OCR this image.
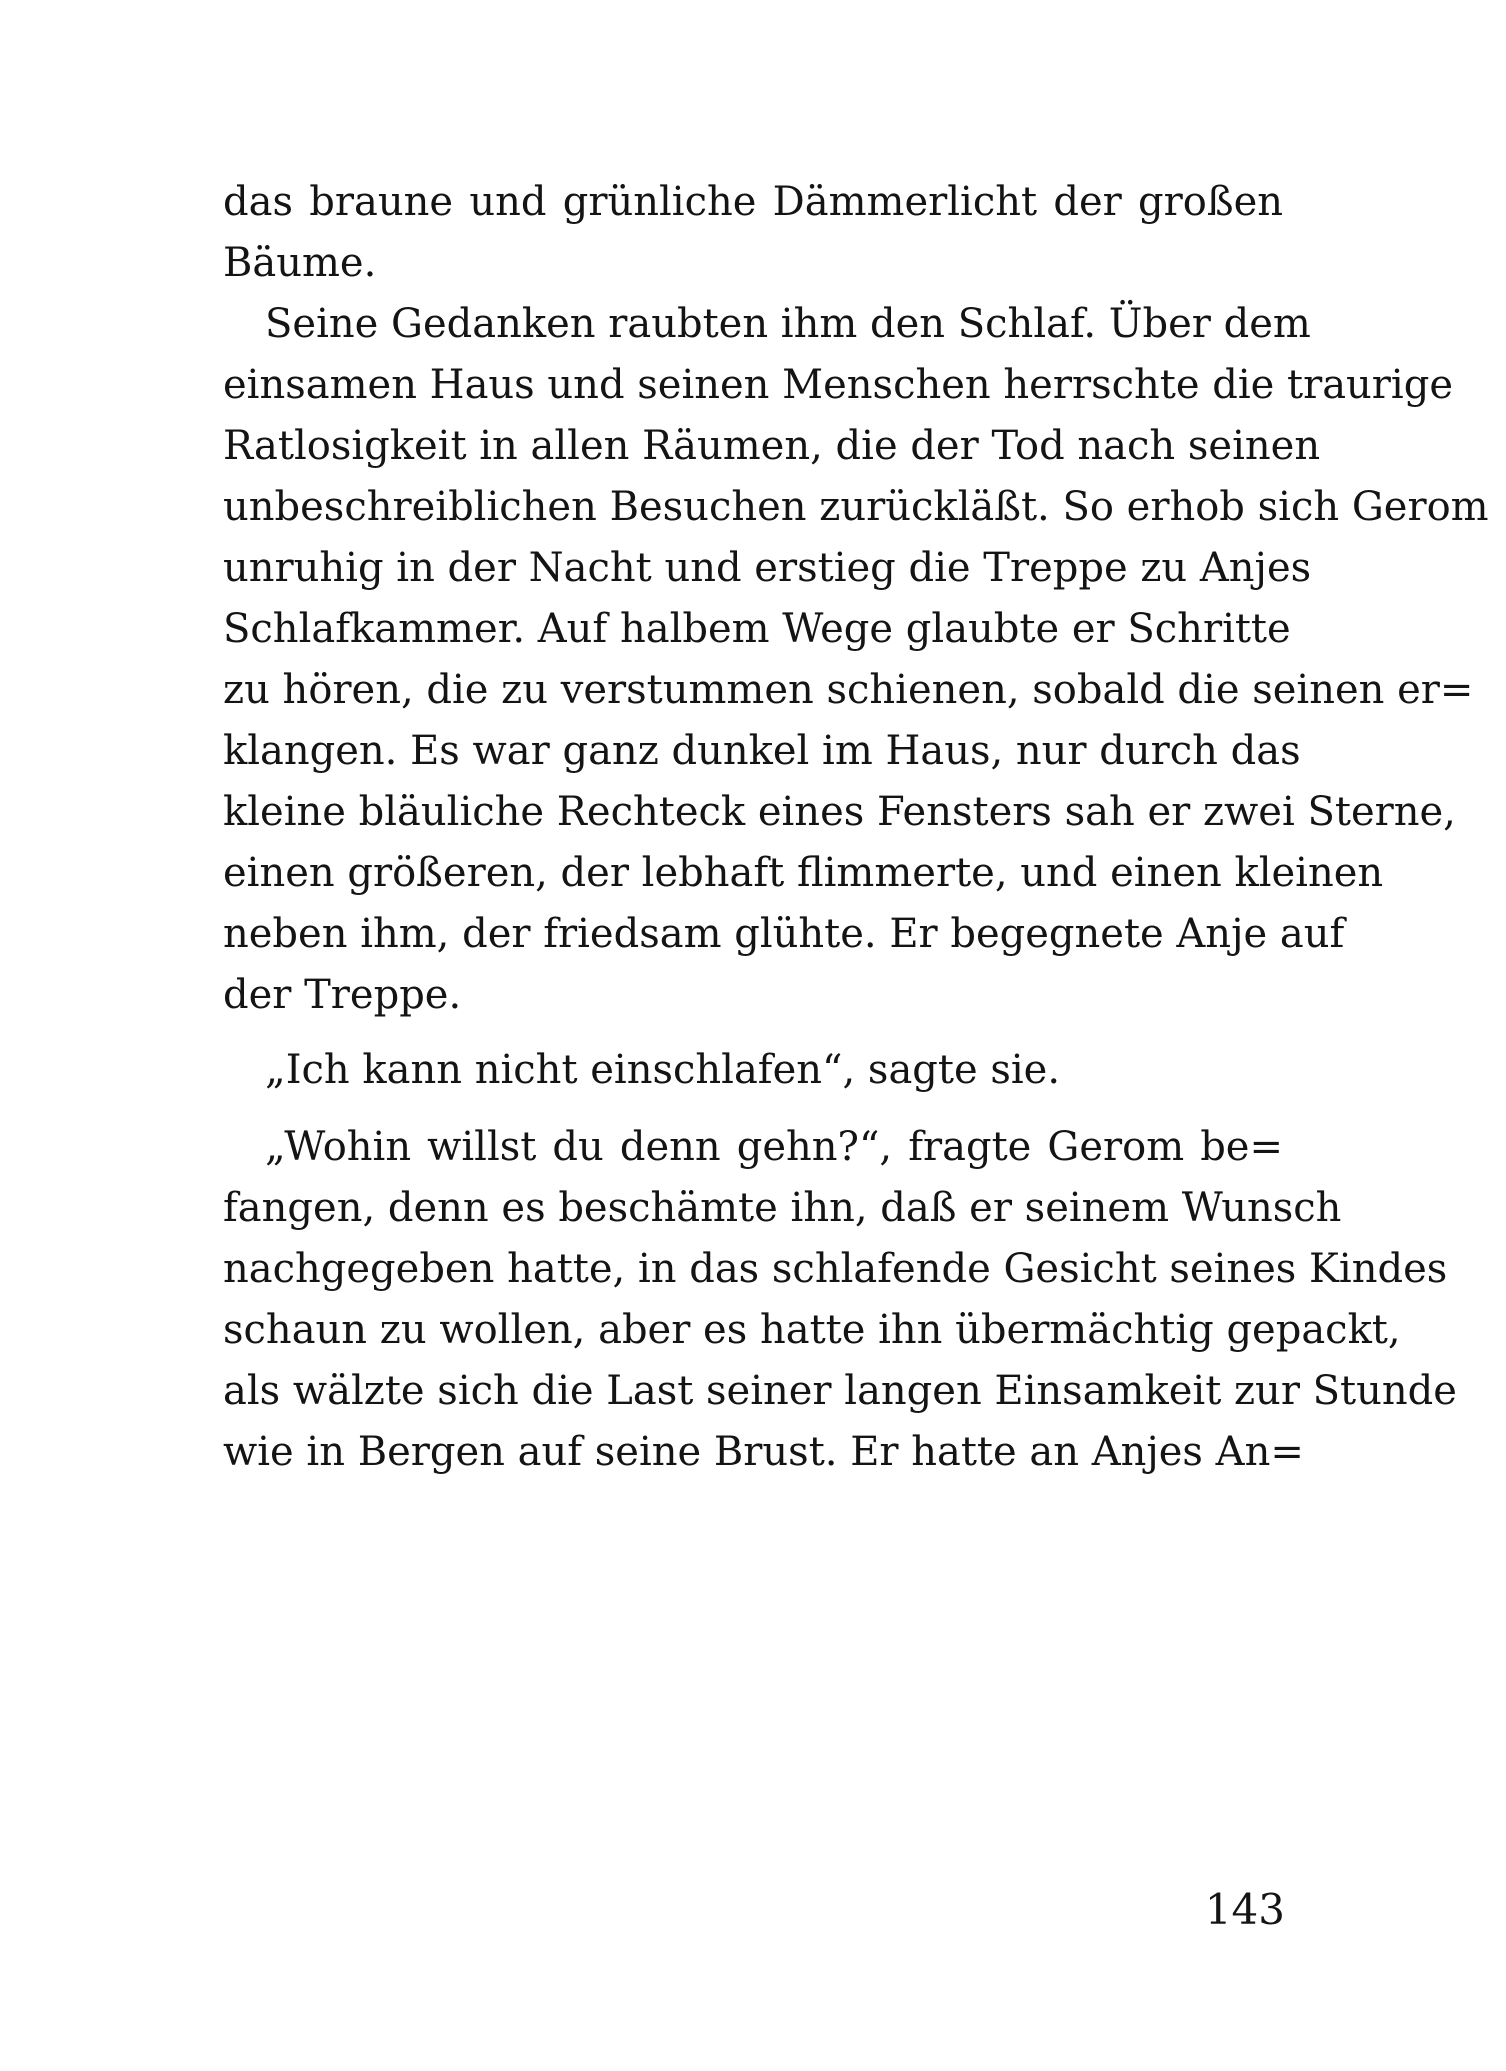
das braune und grünliche Dämmerlicht der großen
Bäume.
Seine Gedanken raubten ihm den Schlaf. Über dem
einsamen Haus und seinen Menschen herrschte die traurige
Ratlosigkeit in allen Räumen, die der Tod nach seinen
unbeschreiblichen Besuchen zurückläßt. So erhob sich Gerom
unruhig in der Nacht und erstieg die Treppe zu Anjes
Schlafkammer. Auf halbem Wege glaubte er Schritte
zu hören, die zu verstummen schienen, sobald die seinen er=
klangen. Es war ganz dunkel im Haus, nur durch das
kleine bläuliche Rechteck eines Fensters sah er zwei Sterne,
einen größeren, der lebhaft flimmerte, und einen kleinen
neben ihm, der friedsam glühte. Er begegnete Anje auf
der Treppe.
„Ich kann nicht einschlafen“, sagte sie.
„Wohin willst du denn gehn?“, fragte Gerom be=
fangen, denn es beschämte ihn, daß er seinem Wunsch
nachgegeben hatte, in das schlafende Gesicht seines Kindes
schaun zu wollen, aber es hatte ihn übermächtig gepackt,
als wälzte sich die Last seiner langen Einsamkeit zur Stunde
wie in Bergen auf seine Brust. Er hatte an Anjes An=
143
